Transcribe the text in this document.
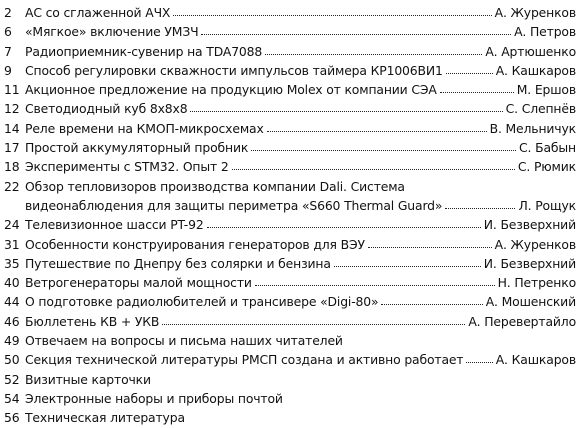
2	АС со сглаженной АЧХ	А. Журенков
6	«Мягкое» включение УМЗЧ	А. Петров
7	Радиоприемник-сувенир на TDA7088	А. Артюшенко
9	Способ регулировки скважности импульсов таймера КР1006ВИ1	А. Кашкаров
11 Акционное предложение на продукцию Molex от компании СЭА	М. Ершов
12 Светодиодный куб 8x8x8	С. Слепнёв
14 Реле времени на КМОП-микросхемах	В. Мельничук
17 Простой аккумуляторный пробник	С. Бабын
18 Эксперименты с STM32. Опыт 2	С. Рюмик
22 Обзор тепловизоров производства компании Dali. Система
видеонаблюдения для защиты периметра «S660 Thermal Guard»	Л. Рощук
24 Телевизионное шасси PT-92	И. Безверхний
31 Особенности конструирования генераторов для ВЭУ	А. Журенков
35 Путешествие по Днепру без солярки и бензина	И. Безверхний
40 Ветрогенераторы малой мощности	Н. Петренко
44 О подготовке радиолюбителей и трансивере «Digi-80»	А. Мошенский
46 Бюллетень КВ + УКВ	А. Перевертайло
49 Отвечаем на вопросы и письма наших читателей
50 Секция технической литературы РМСП создана и активно работает	А. Кашкаров
52 Визитные карточки
54 Электронные наборы и приборы почтой
56 Техническая литература
